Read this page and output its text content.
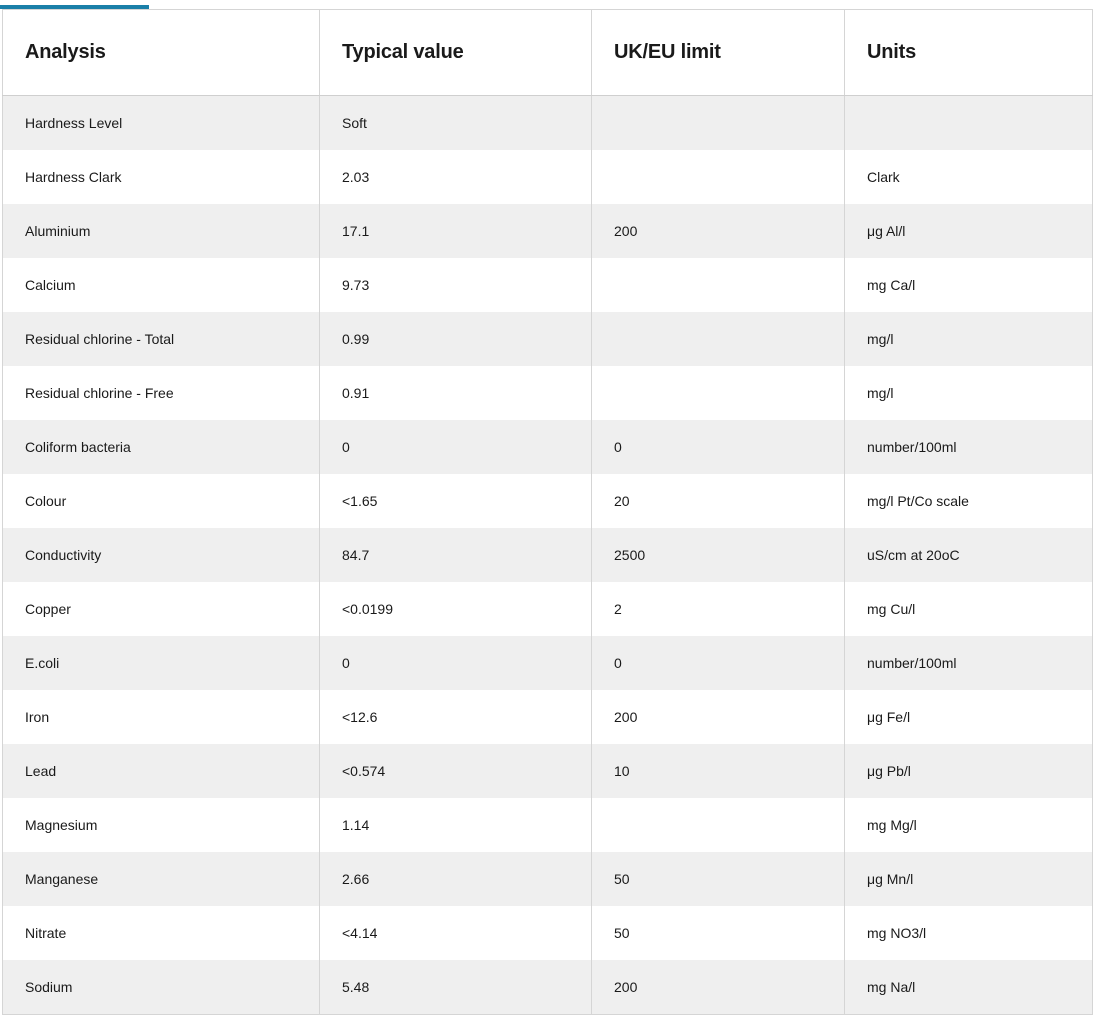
Analysis	Typical value	UK/EU limit	Units
Hardness Level	Soft		
Hardness Clark	2.03		Clark
Aluminium	17.1	200	μg Al/l
Calcium	9.73		mg Ca/l
Residual chlorine - Total	0.99		mg/l
Residual chlorine - Free	0.91		mg/l
Coliform bacteria	0	0	number/100ml
Colour	<1.65	20	mg/l Pt/Co scale
Conductivity	84.7	2500	uS/cm at 20oC
Copper	<0.0199	2	mg Cu/l
E.coli	0	0	number/100ml
Iron	<12.6	200	μg Fe/l
Lead	<0.574	10	μg Pb/l
Magnesium	1.14		mg Mg/l
Manganese	2.66	50	μg Mn/l
Nitrate	<4.14	50	mg NO3/l
Sodium	5.48	200	mg Na/l
